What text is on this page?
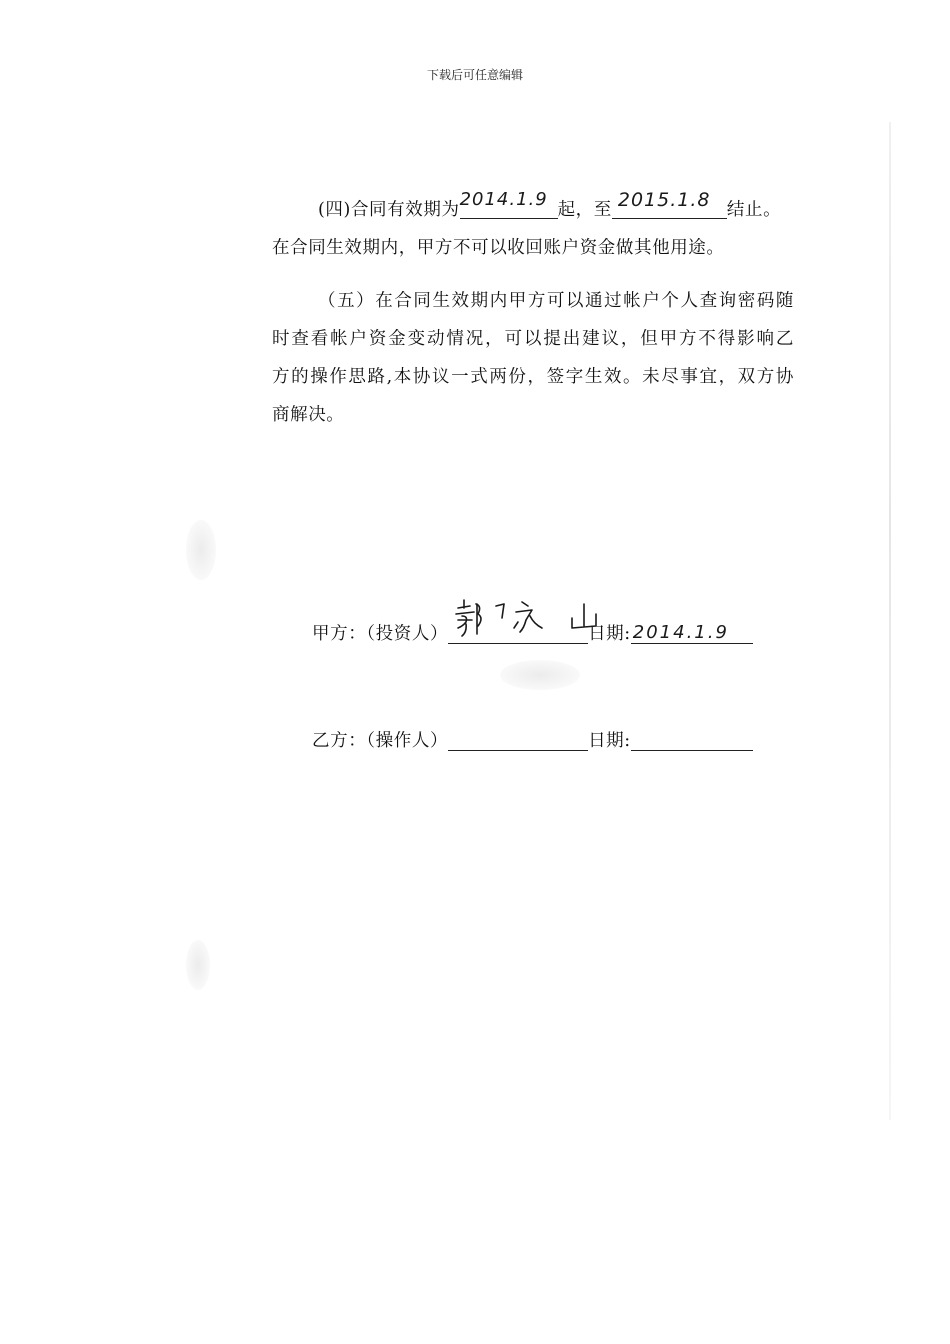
下载后可任意编辑
(四)合同有效期为 2014.1.9 起，至 2015.1.8 结止。
在合同生效期内，甲方不可以收回账户资金做其他用途。
（五）在合同生效期内甲方可以通过帐户个人查询密码随
时查看帐户资金变动情况，可以提出建议，但甲方不得影响乙
方的操作思路,本协议一式两份，签字生效。未尽事宜，双方协
商解决。
甲方：（投资人）	日期: 2014.1.9
乙方：（操作人）	日期:
